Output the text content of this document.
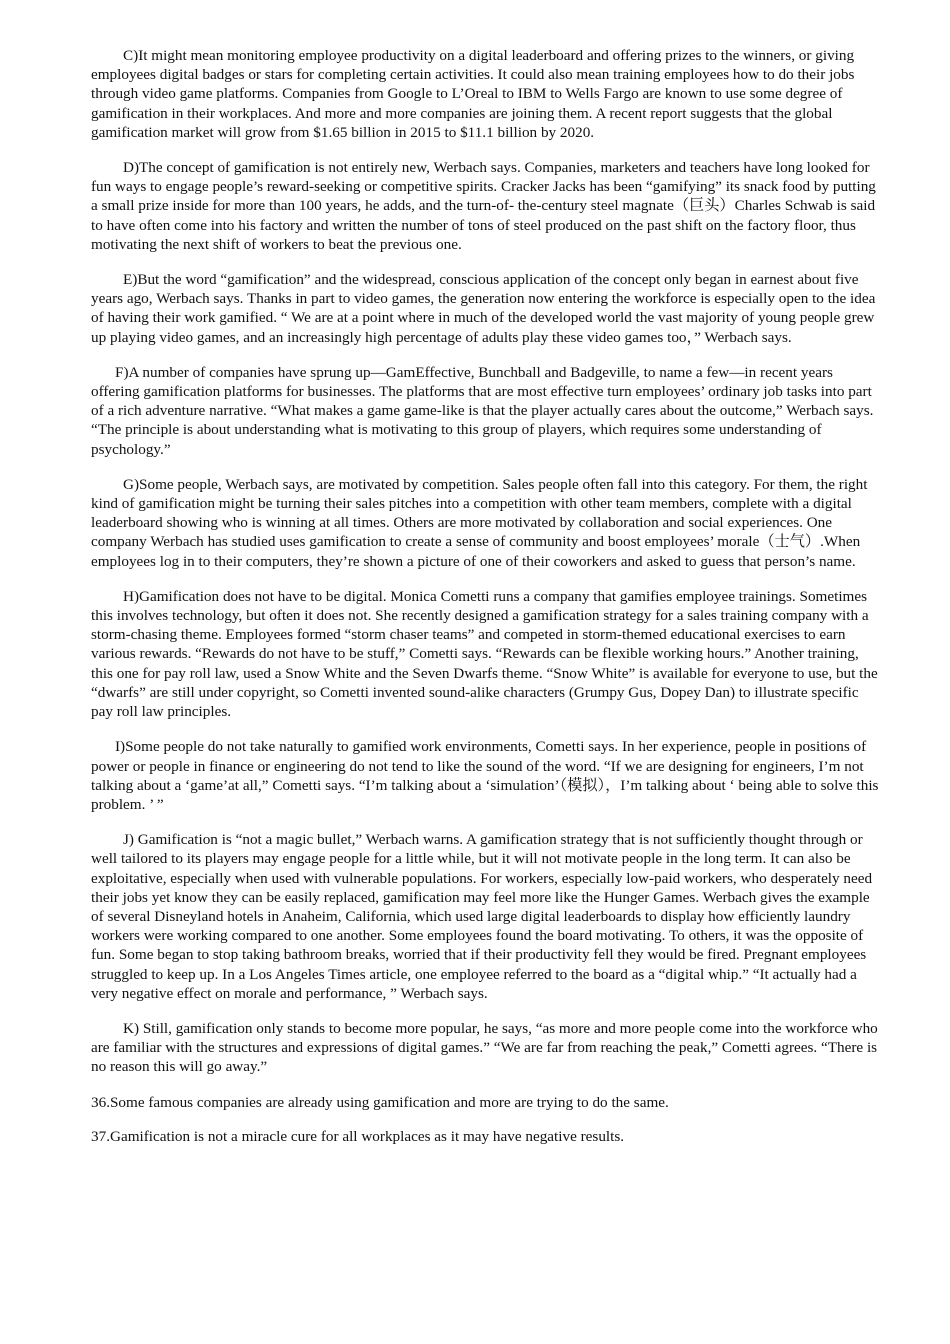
C)It might mean monitoring employee productivity on a digital leaderboard and offering prizes to the winners, or giving employees digital badges or stars for completing certain activities. It could also mean training employees how to do their jobs through video game platforms. Companies from Google to L’Oreal to IBM to Wells Fargo are known to use some degree of gamification in their workplaces. And more and more companies are joining them. A recent report suggests that the global gamification market will grow from $1.65 billion in 2015 to $11.1 billion by 2020.

D)The concept of gamification is not entirely new, Werbach says. Companies, marketers and teachers have long looked for fun ways to engage people’s reward-seeking or competitive spirits. Cracker Jacks has been “gamifying” its snack food by putting a small prize inside for more than 100 years, he adds, and the turn-of- the-century steel magnate（巨头）Charles Schwab is said to have often come into his factory and written the number of tons of steel produced on the past shift on the factory floor, thus motivating the next shift of workers to beat the previous one.

E)But the word “gamification” and the widespread, conscious application of the concept only began in earnest about five years ago, Werbach says. Thanks in part to video games, the generation now entering the workforce is especially open to the idea of having their work gamified. “ We are at a point where in much of the developed world the vast majority of young people grew up playing video games, and an increasingly high percentage of adults play these video games too，” Werbach says.

F)A number of companies have sprung up—GamEffective, Bunchball and Badgeville, to name a few—in recent years offering gamification platforms for businesses. The platforms that are most effective turn employees’ ordinary job tasks into part of a rich adventure narrative. “What makes a game game-like is that the player actually cares about the outcome,” Werbach says. “The principle is about understanding what is motivating to this group of players, which requires some understanding of psychology.”

G)Some people, Werbach says, are motivated by competition. Sales people often fall into this category. For them, the right kind of gamification might be turning their sales pitches into a competition with other team members, complete with a digital leaderboard showing who is winning at all times. Others are more motivated by collaboration and social experiences. One company Werbach has studied uses gamification to create a sense of community and boost employees’ morale（士气）.When employees log in to their computers, they’re shown a picture of one of their coworkers and asked to guess that person’s name.

H)Gamification does not have to be digital. Monica Cometti runs a company that gamifies employee trainings. Sometimes this involves technology, but often it does not. She recently designed a gamification strategy for a sales training company with a storm-chasing theme. Employees formed “storm chaser teams” and competed in storm-themed educational exercises to earn various rewards. “Rewards do not have to be stuff,” Cometti says. “Rewards can be flexible working hours.” Another training, this one for pay roll law, used a Snow White and the Seven Dwarfs theme. “Snow White” is available for everyone to use, but the “dwarfs” are still under copyright, so Cometti invented sound-alike characters (Grumpy Gus, Dopey Dan) to illustrate specific pay roll law principles.

I)Some people do not take naturally to gamified work environments, Cometti says. In her experience, people in positions of power or people in finance or engineering do not tend to like the sound of the word. “If we are designing for engineers, I’m not talking about a ‘game’at all,” Cometti says. “I’m talking about a ‘simulation’（模拟），I’m talking about ‘ being able to solve this problem. ’ ”

J) Gamification is “not a magic bullet,” Werbach warns. A gamification strategy that is not sufficiently thought through or well tailored to its players may engage people for a little while, but it will not motivate people in the long term. It can also be exploitative, especially when used with vulnerable populations. For workers, especially low-paid workers, who desperately need their jobs yet know they can be easily replaced, gamification may feel more like the Hunger Games. Werbach gives the example of several Disneyland hotels in Anaheim, California, which used large digital leaderboards to display how efficiently laundry workers were working compared to one another. Some employees found the board motivating. To others, it was the opposite of fun. Some began to stop taking bathroom breaks, worried that if their productivity fell they would be fired. Pregnant employees struggled to keep up. In a Los Angeles Times article, one employee referred to the board as a “digital whip.” “It actually had a very negative effect on morale and performance, ” Werbach says.

K) Still, gamification only stands to become more popular, he says, “as more and more people come into the workforce who are familiar with the structures and expressions of digital games.” “We are far from reaching the peak,” Cometti agrees. “There is no reason this will go away.”

36.Some famous companies are already using gamification and more are trying to do the same.

37.Gamification is not a miracle cure for all workplaces as it may have negative results.
